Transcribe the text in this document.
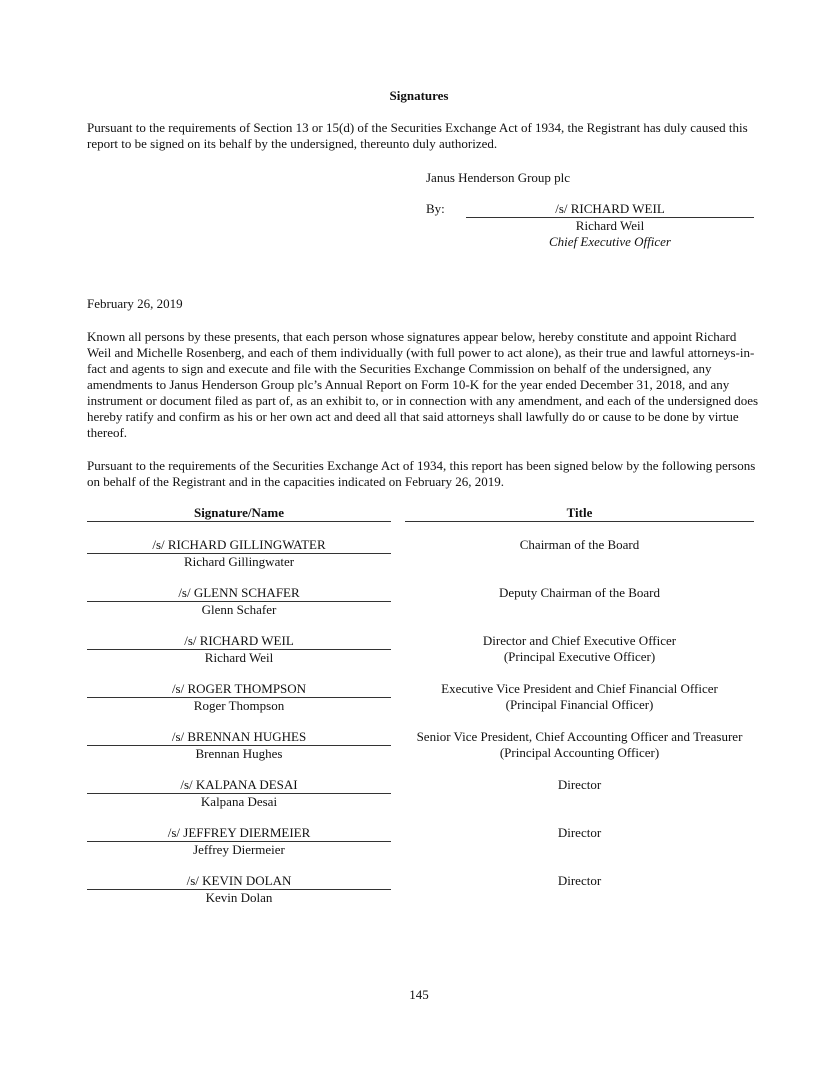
Signatures
Pursuant to the requirements of Section 13 or 15(d) of the Securities Exchange Act of 1934, the Registrant has duly caused this report to be signed on its behalf by the undersigned, thereunto duly authorized.
Janus Henderson Group plc
By:	/s/ RICHARD WEIL
Richard Weil
Chief Executive Officer
February 26, 2019
Known all persons by these presents, that each person whose signatures appear below, hereby constitute and appoint Richard Weil and Michelle Rosenberg, and each of them individually (with full power to act alone), as their true and lawful attorneys-in-fact and agents to sign and execute and file with the Securities Exchange Commission on behalf of the undersigned, any amendments to Janus Henderson Group plc’s Annual Report on Form 10-K for the year ended December 31, 2018, and any instrument or document filed as part of, as an exhibit to, or in connection with any amendment, and each of the undersigned does hereby ratify and confirm as his or her own act and deed all that said attorneys shall lawfully do or cause to be done by virtue thereof.
Pursuant to the requirements of the Securities Exchange Act of 1934, this report has been signed below by the following persons on behalf of the Registrant and in the capacities indicated on February 26, 2019.
Signature/Name	Title
/s/ RICHARD GILLINGWATER
Richard Gillingwater
Chairman of the Board
/s/ GLENN SCHAFER
Glenn Schafer
Deputy Chairman of the Board
/s/ RICHARD WEIL
Richard Weil
Director and Chief Executive Officer
(Principal Executive Officer)
/s/ ROGER THOMPSON
Roger Thompson
Executive Vice President and Chief Financial Officer
(Principal Financial Officer)
/s/ BRENNAN HUGHES
Brennan Hughes
Senior Vice President, Chief Accounting Officer and Treasurer
(Principal Accounting Officer)
/s/ KALPANA DESAI
Kalpana Desai
Director
/s/ JEFFREY DIERMEIER
Jeffrey Diermeier
Director
/s/ KEVIN DOLAN
Kevin Dolan
Director
145
